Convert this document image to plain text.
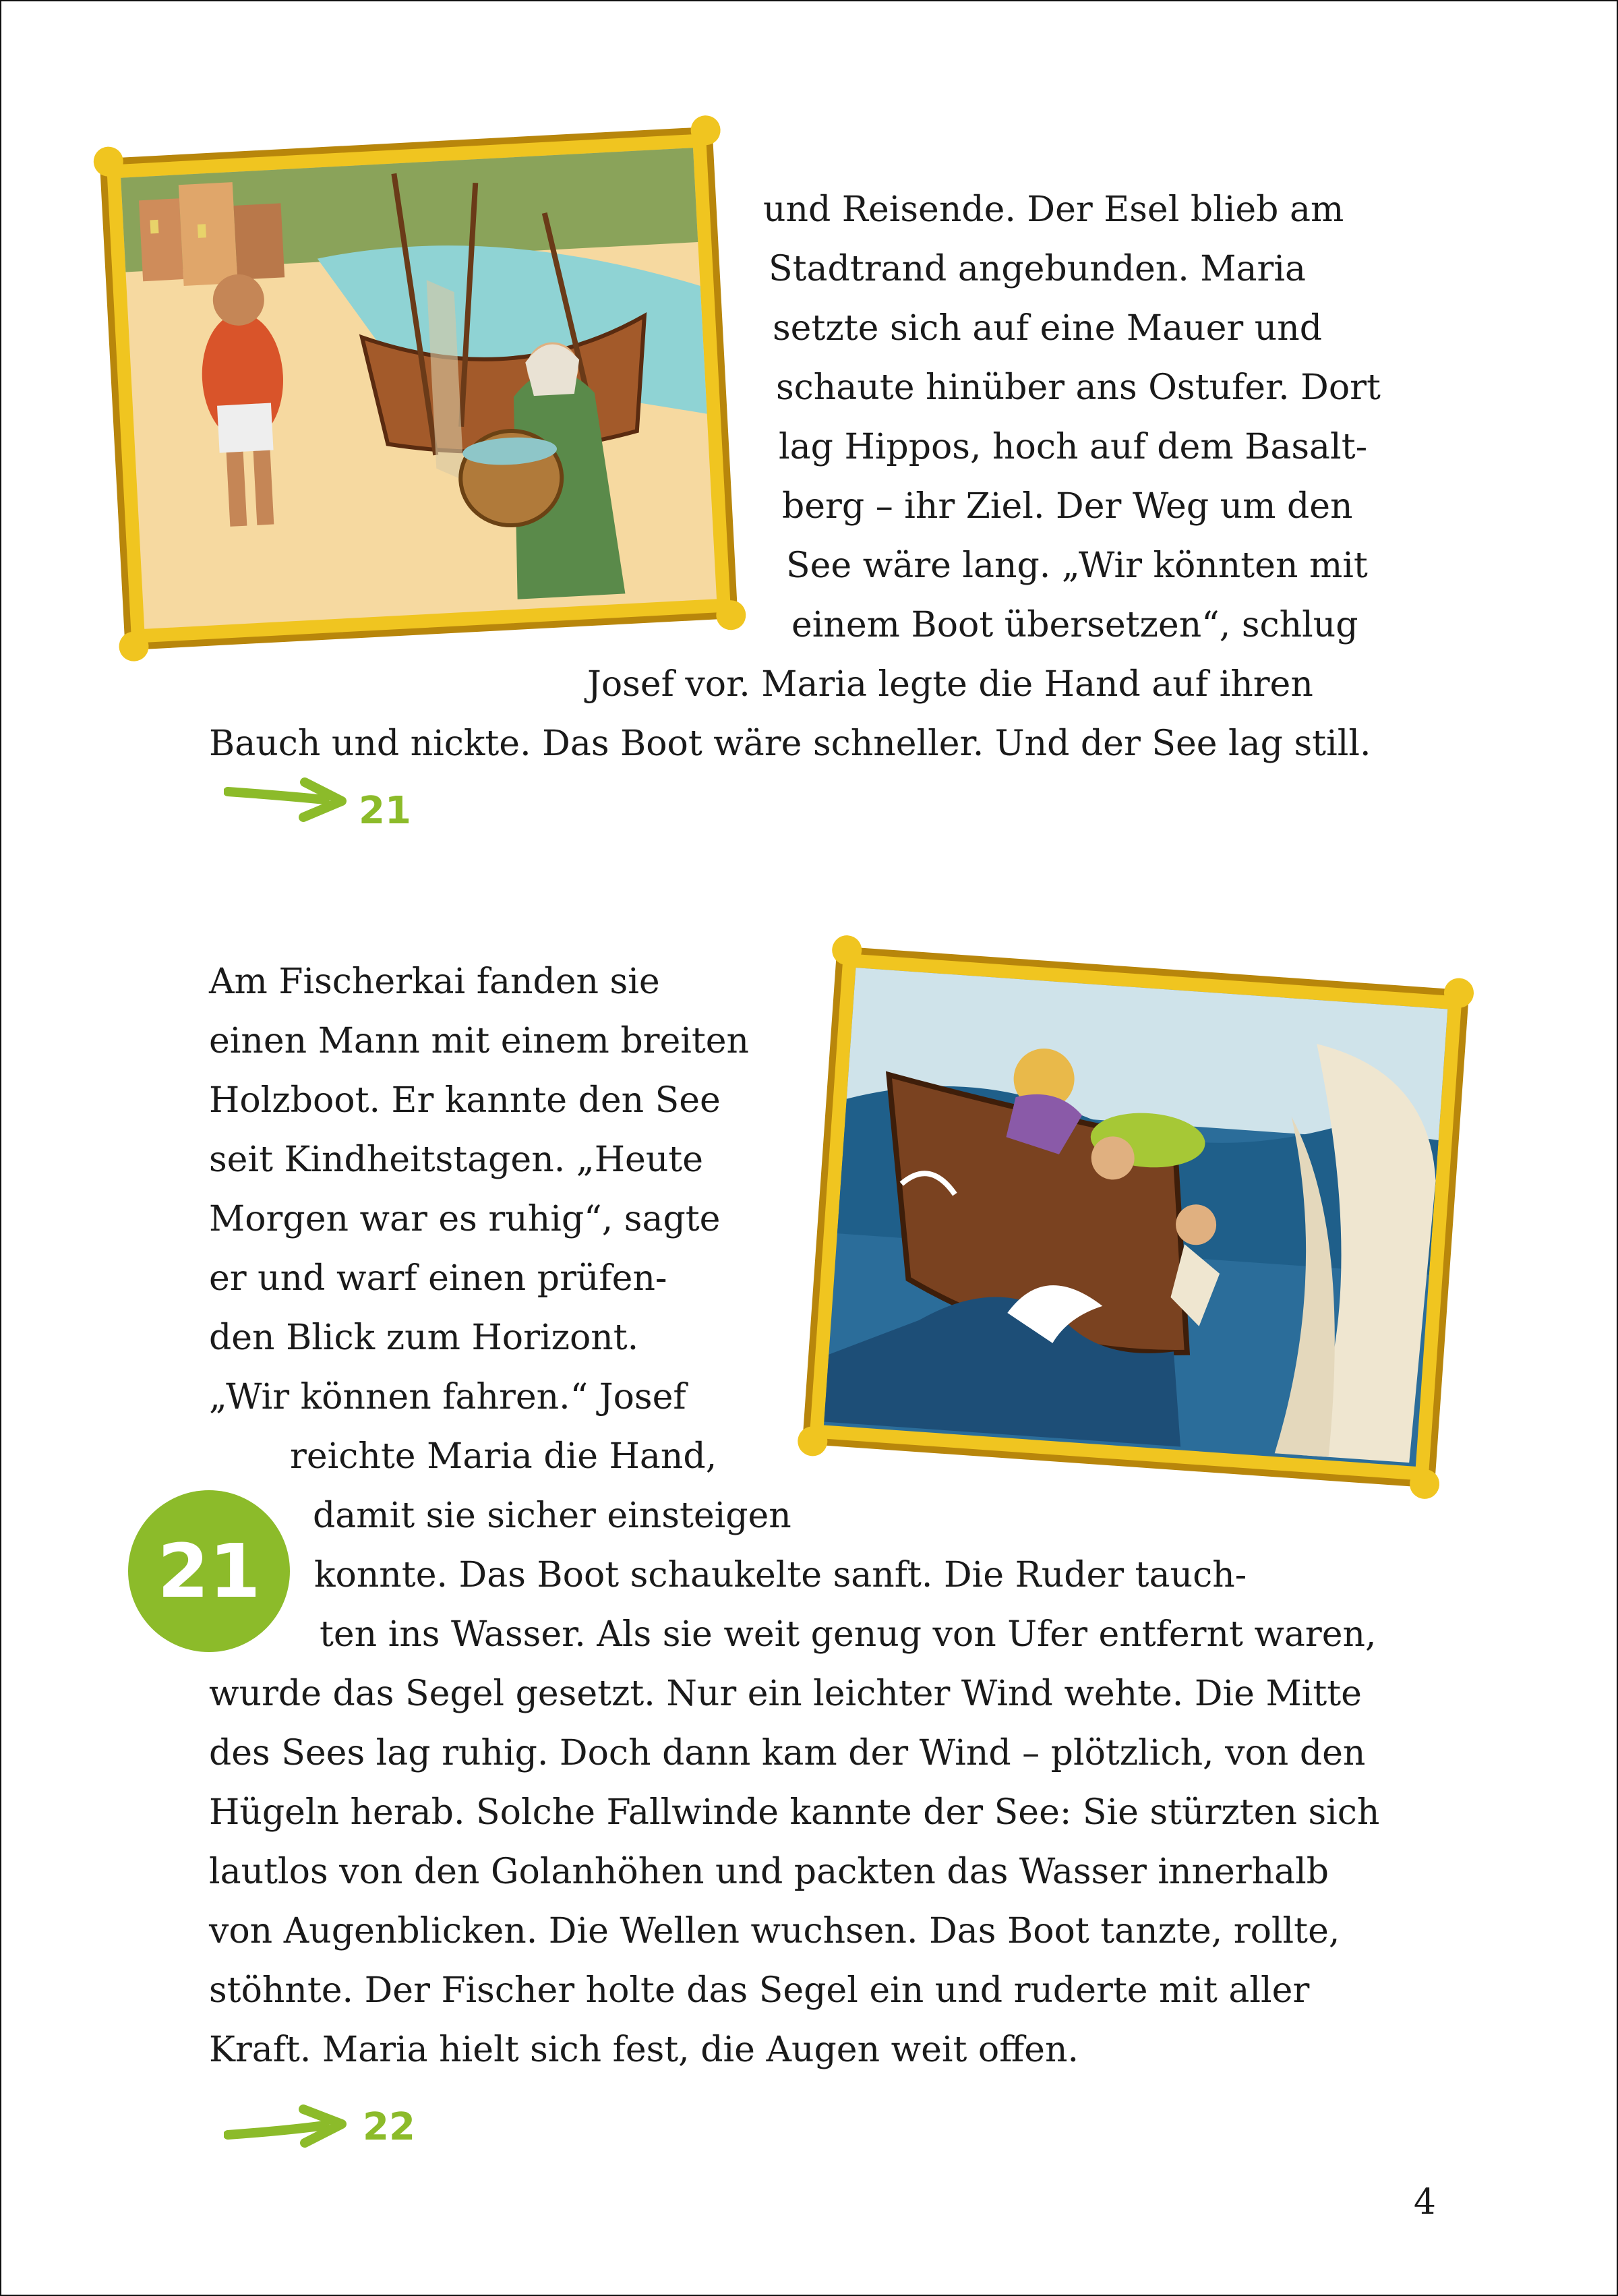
und Reisende. Der Esel blieb am
Stadtrand angebunden. Maria
setzte sich auf eine Mauer und
schaute hinüber ans Ostufer. Dort
lag Hippos, hoch auf dem Basalt-
berg – ihr Ziel. Der Weg um den
See wäre lang. „Wir könnten mit
einem Boot übersetzen“, schlug
Josef vor. Maria legte die Hand auf ihren
Bauch und nickte. Das Boot wäre schneller. Und der See lag still.
21
Am Fischerkai fanden sie
einen Mann mit einem breiten
Holzboot. Er kannte den See
seit Kindheitstagen. „Heute
Morgen war es ruhig“, sagte
er und warf einen prüfen-
den Blick zum Horizont.
„Wir können fahren.“ Josef
reichte Maria die Hand,
damit sie sicher einsteigen
konnte. Das Boot schaukelte sanft. Die Ruder tauch-
ten ins Wasser. Als sie weit genug von Ufer entfernt waren,
wurde das Segel gesetzt. Nur ein leichter Wind wehte. Die Mitte
des Sees lag ruhig. Doch dann kam der Wind – plötzlich, von den
Hügeln herab. Solche Fallwinde kannte der See: Sie stürzten sich
lautlos von den Golanhöhen und packten das Wasser innerhalb
von Augenblicken. Die Wellen wuchsen. Das Boot tanzte, rollte,
stöhnte. Der Fischer holte das Segel ein und ruderte mit aller
Kraft. Maria hielt sich fest, die Augen weit offen.
21
22
4
